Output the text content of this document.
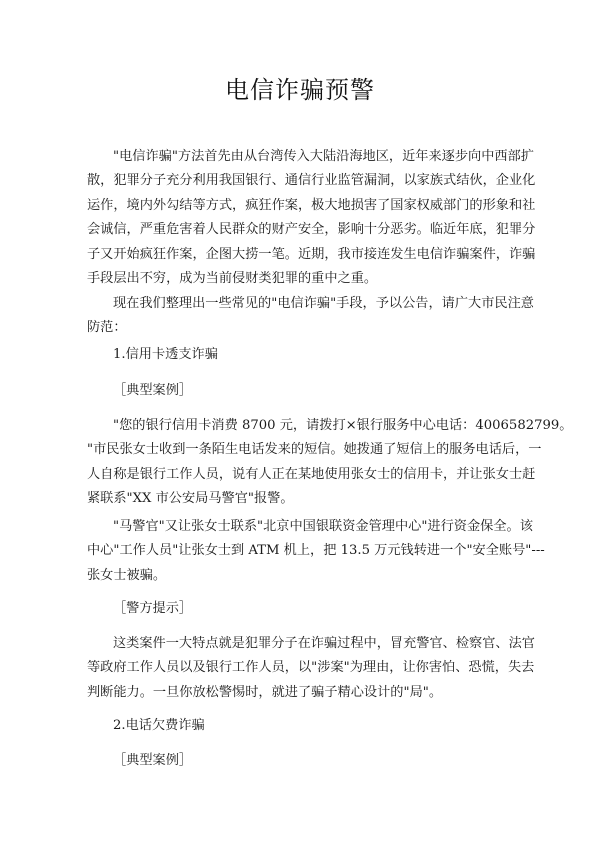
电信诈骗预警
"电信诈骗"方法首先由从台湾传入大陆沿海地区，近年来逐步向中西部扩
散，犯罪分子充分利用我国银行、通信行业监管漏洞，以家族式结伙，企业化
运作，境内外勾结等方式，疯狂作案，极大地损害了国家权威部门的形象和社
会诚信，严重危害着人民群众的财产安全，影响十分恶劣。临近年底，犯罪分
子又开始疯狂作案，企图大捞一笔。近期，我市接连发生电信诈骗案件，诈骗
手段层出不穷，成为当前侵财类犯罪的重中之重。
现在我们整理出一些常见的"电信诈骗"手段，予以公告，请广大市民注意
防范：
1.信用卡透支诈骗
［典型案例］
"您的银行信用卡消费 8700 元，请拨打×银行服务中心电话：4006582799。
"市民张女士收到一条陌生电话发来的短信。她拨通了短信上的服务电话后，一
人自称是银行工作人员，说有人正在某地使用张女士的信用卡，并让张女士赶
紧联系"XX 市公安局马警官"报警。
"马警官"又让张女士联系"北京中国银联资金管理中心"进行资金保全。该
中心"工作人员"让张女士到 ATM 机上，把 13.5 万元钱转进一个"安全账号"---
张女士被骗。
［警方提示］
这类案件一大特点就是犯罪分子在诈骗过程中，冒充警官、检察官、法官
等政府工作人员以及银行工作人员，以"涉案"为理由，让你害怕、恐慌，失去
判断能力。一旦你放松警惕时，就进了骗子精心设计的"局"。
2.电话欠费诈骗
［典型案例］
